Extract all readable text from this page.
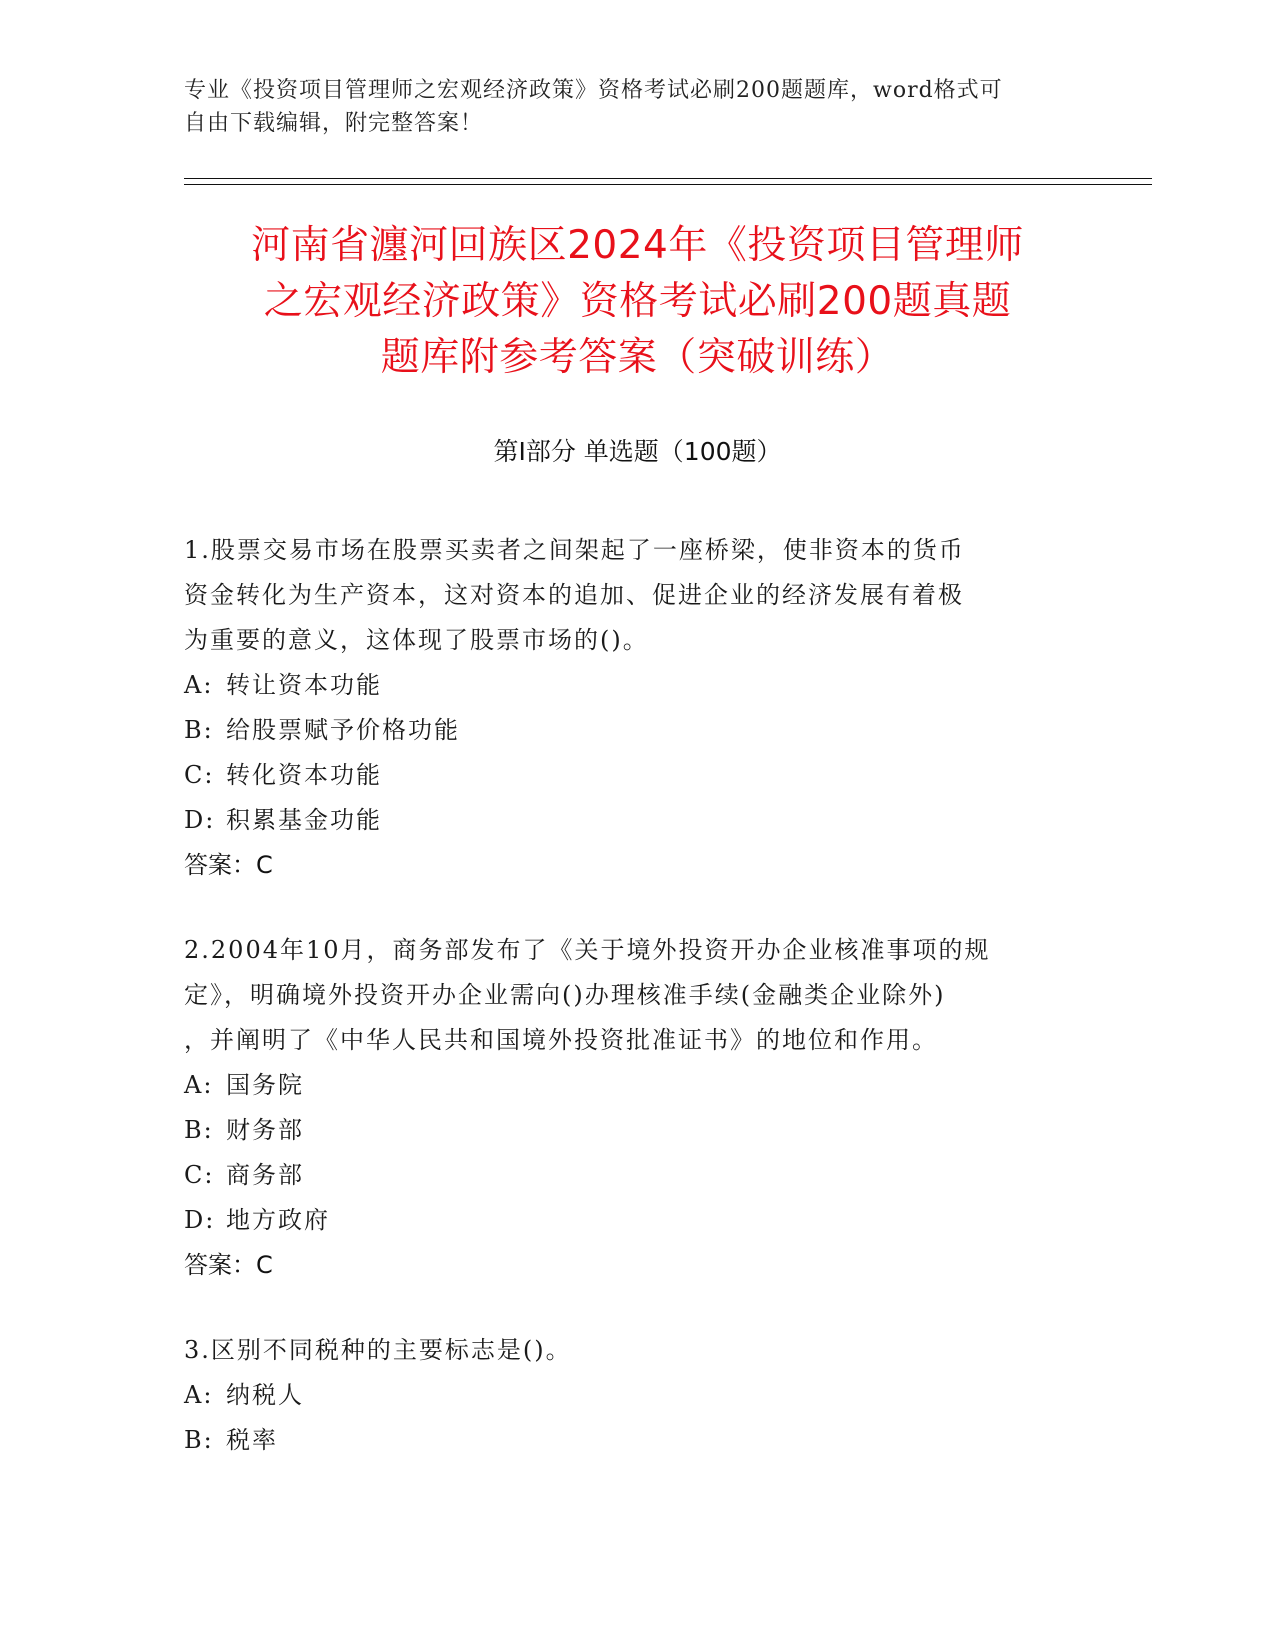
专业《投资项目管理师之宏观经济政策》资格考试必刷200题题库，word格式可
自由下载编辑，附完整答案！
河南省瀍河回族区2024年《投资项目管理师
之宏观经济政策》资格考试必刷200题真题
题库附参考答案（突破训练）
第Ⅰ部分 单选题（100题）
1.股票交易市场在股票买卖者之间架起了一座桥梁，使非资本的货币
资金转化为生产资本，这对资本的追加、促进企业的经济发展有着极
为重要的意义，这体现了股票市场的()。
A: 转让资本功能
B: 给股票赋予价格功能
C: 转化资本功能
D: 积累基金功能
答案：C
2.2004年10月，商务部发布了《关于境外投资开办企业核准事项的规
定》，明确境外投资开办企业需向()办理核准手续(金融类企业除外)
，并阐明了《中华人民共和国境外投资批准证书》的地位和作用。
A: 国务院
B: 财务部
C: 商务部
D: 地方政府
答案：C
3.区别不同税种的主要标志是()。
A: 纳税人
B: 税率
